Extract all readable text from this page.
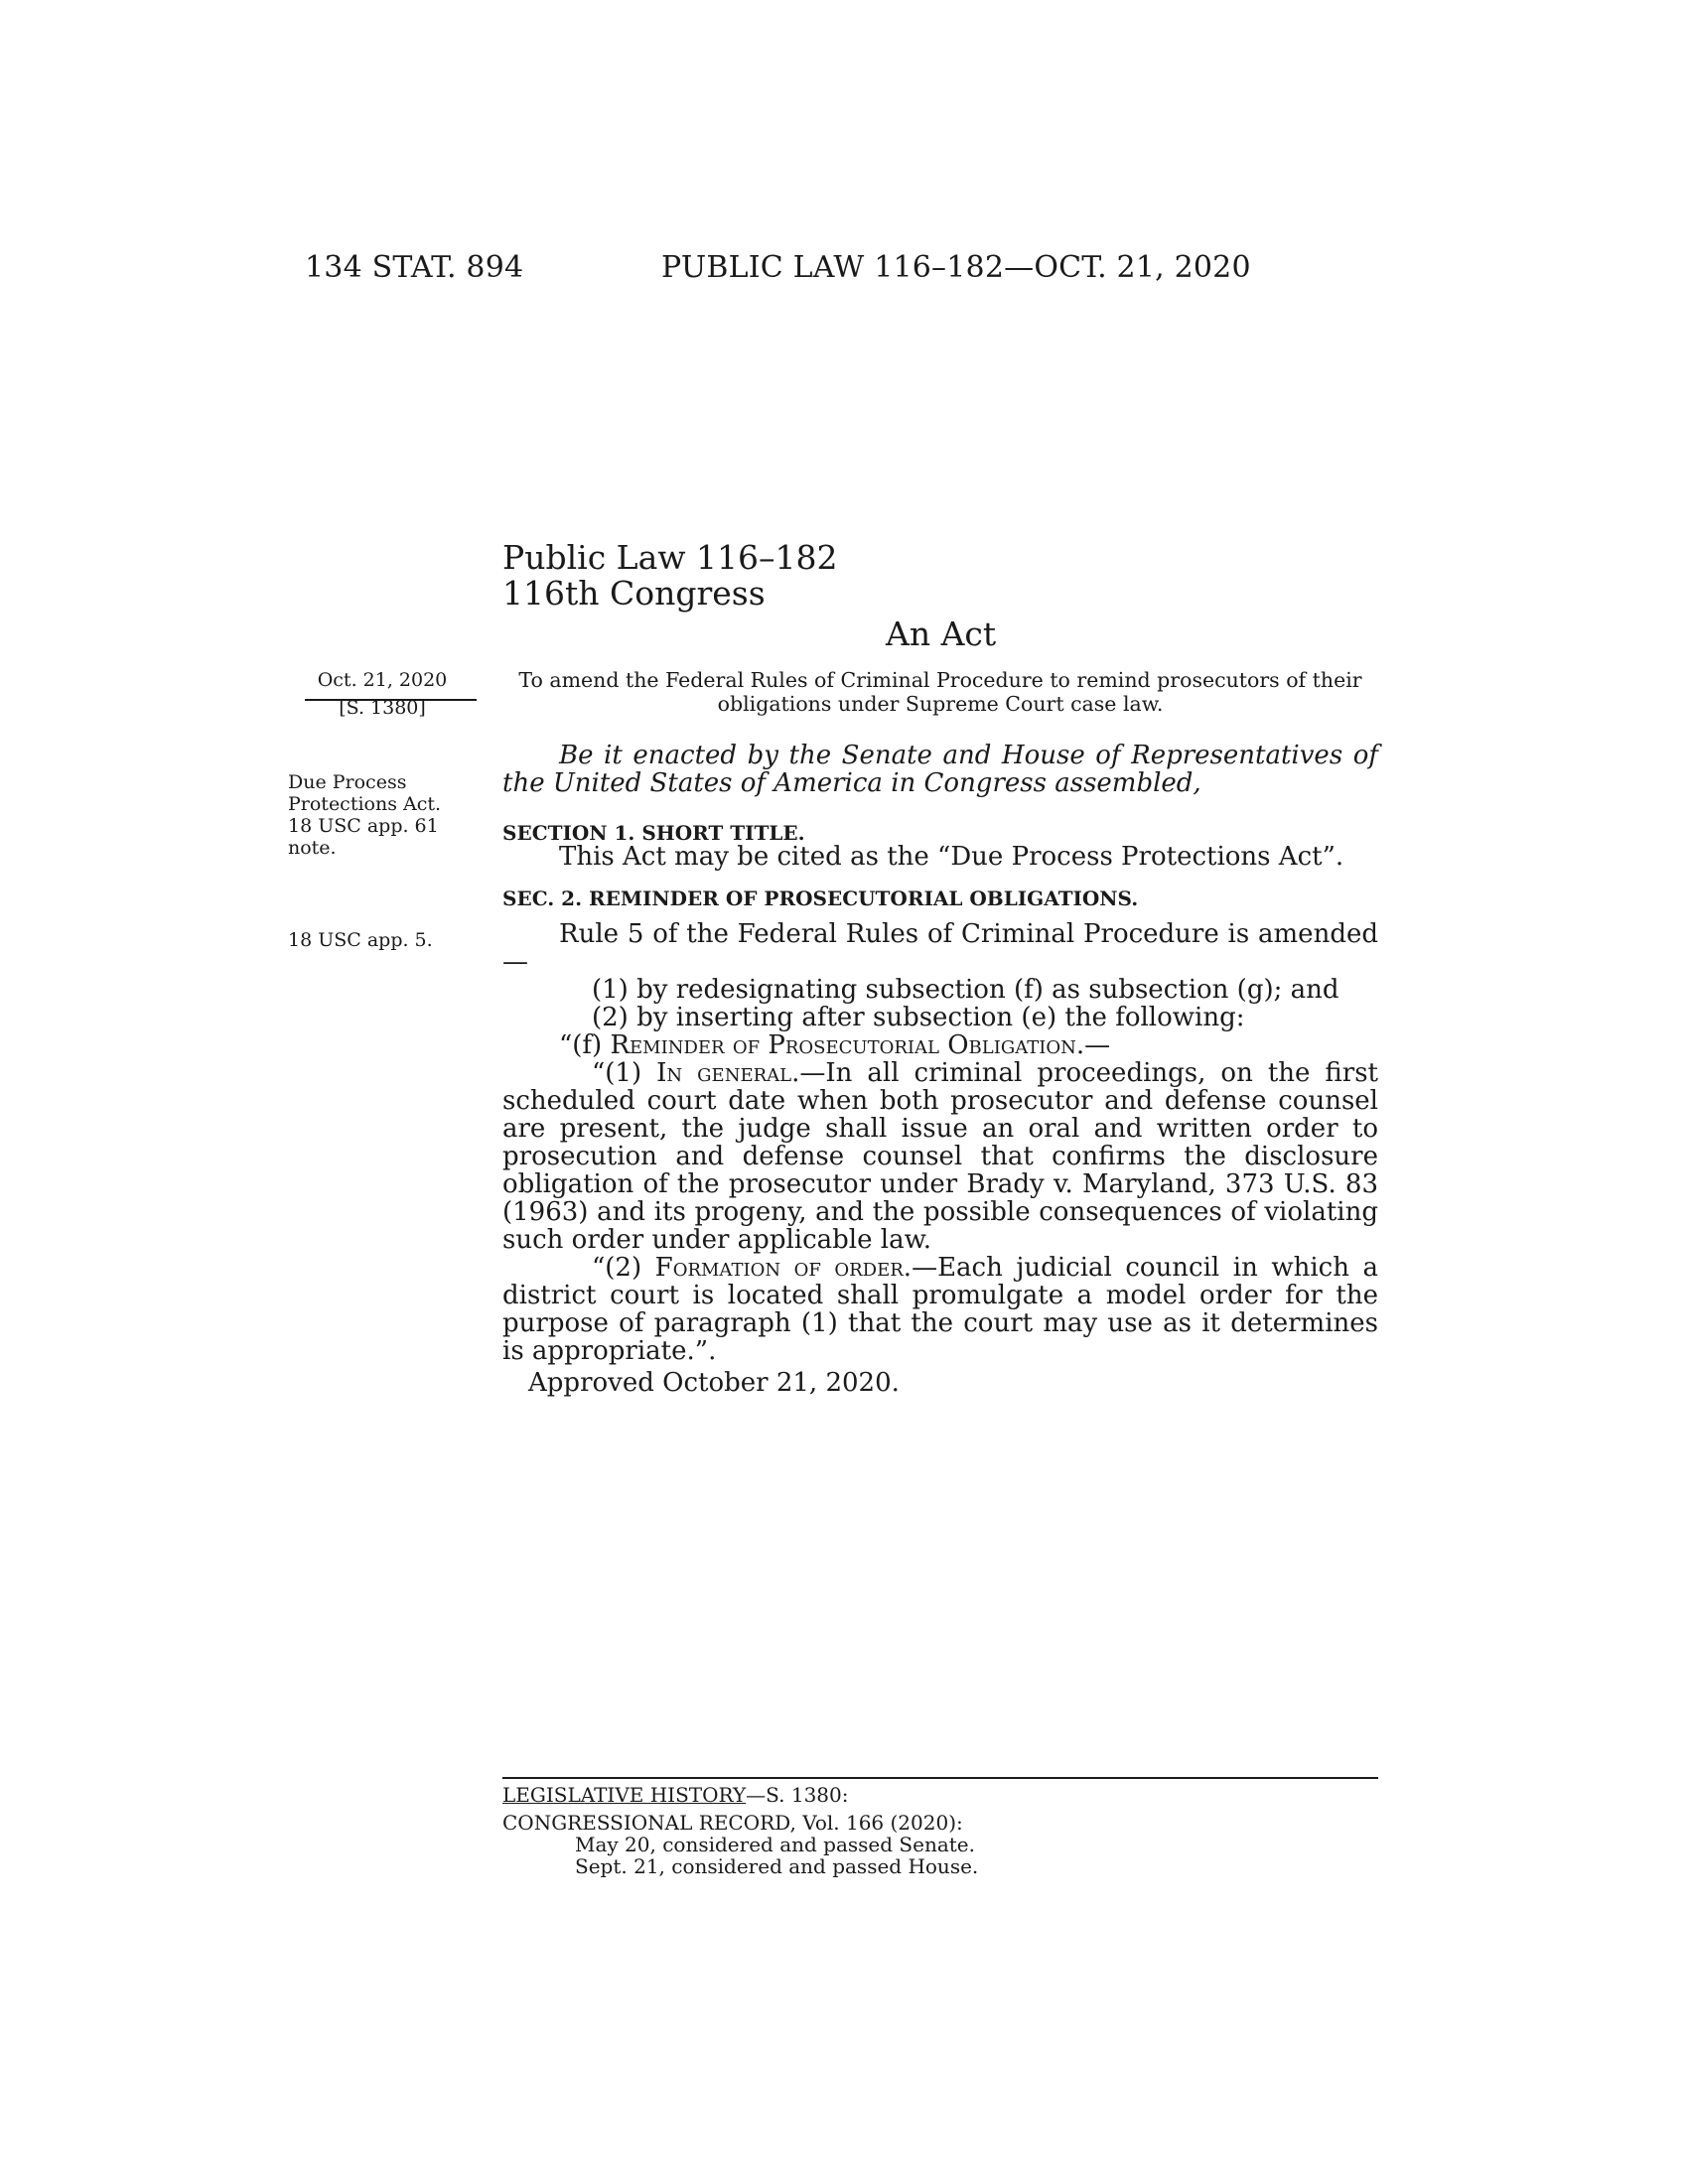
134 STAT. 894	PUBLIC LAW 116–182—OCT. 21, 2020
Public Law 116–182
116th Congress
An Act
Oct. 21, 2020
[S. 1380]
Due Process
Protections Act.
18 USC app. 61
note.
18 USC app. 5.
To amend the Federal Rules of Criminal Procedure to remind prosecutors of their obligations under Supreme Court case law.

Be it enacted by the Senate and House of Representatives of the United States of America in Congress assembled,

SECTION 1. SHORT TITLE.

This Act may be cited as the “Due Process Protections Act”.

SEC. 2. REMINDER OF PROSECUTORIAL OBLIGATIONS.

Rule 5 of the Federal Rules of Criminal Procedure is amended—

(1) by redesignating subsection (f) as subsection (g); and

(2) by inserting after subsection (e) the following:

“(f) Reminder of Prosecutorial Obligation.—

“(1) In general.—In all criminal proceedings, on the first scheduled court date when both prosecutor and defense counsel are present, the judge shall issue an oral and written order to prosecution and defense counsel that confirms the disclosure obligation of the prosecutor under Brady v. Maryland, 373 U.S. 83 (1963) and its progeny, and the possible consequences of violating such order under applicable law.

“(2) Formation of order.—Each judicial council in which a district court is located shall promulgate a model order for the purpose of paragraph (1) that the court may use as it determines is appropriate.”.

Approved October 21, 2020.
LEGISLATIVE HISTORY—S. 1380:
CONGRESSIONAL RECORD, Vol. 166 (2020):
May 20, considered and passed Senate.
Sept. 21, considered and passed House.
